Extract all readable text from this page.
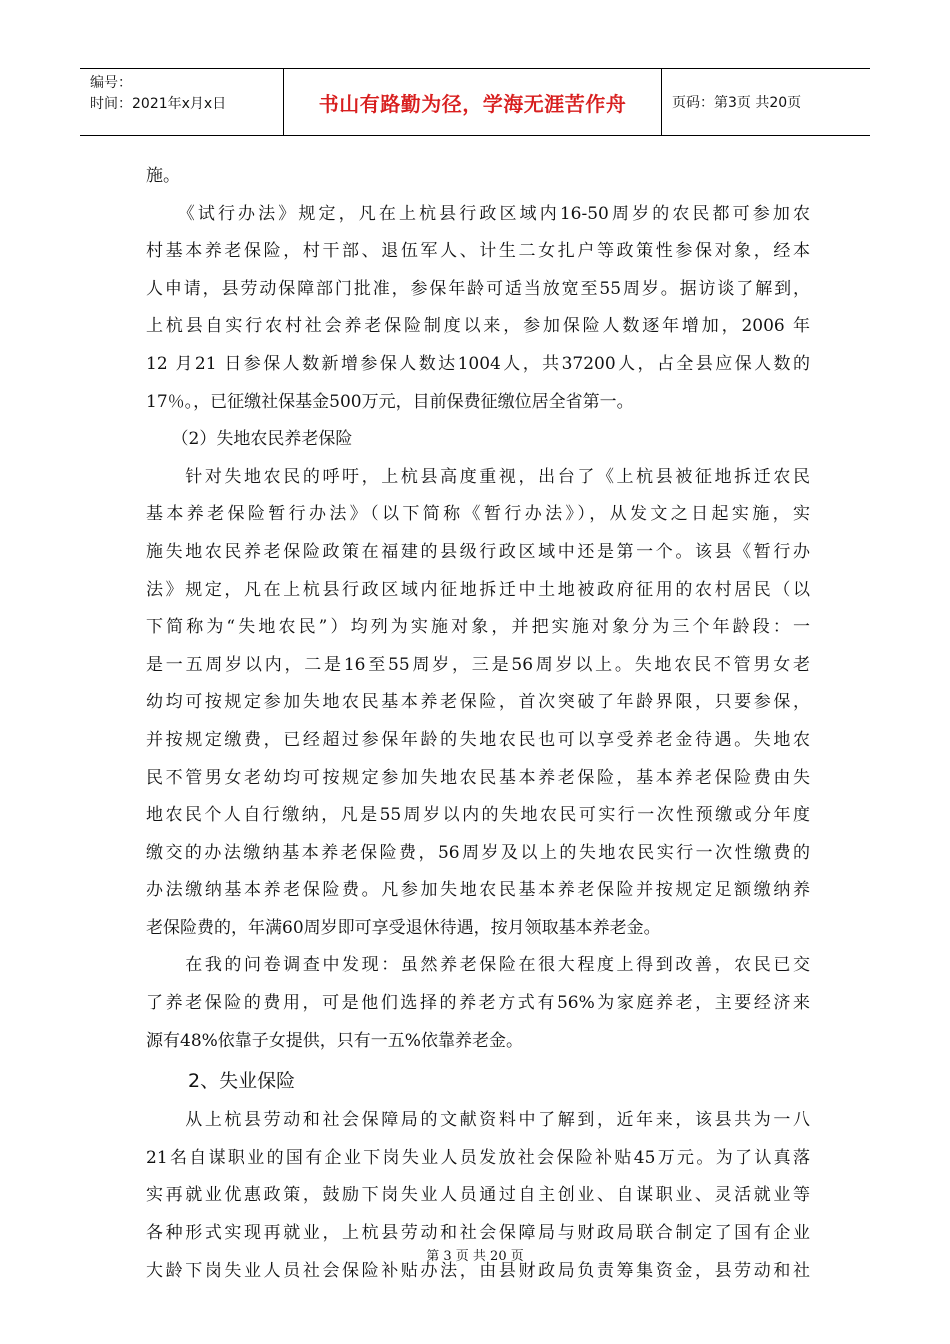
编号：
时间：2021年x月x日	书山有路勤为径，学海无涯苦作舟	页码：第3页 共20页
施。
　　《试行办法》规定，凡在上杭县行政区域内16-50周岁的农民都可参加农
村基本养老保险，村干部、退伍军人、计生二女扎户等政策性参保对象，经本
人申请，县劳动保障部门批准，参保年龄可适当放宽至55周岁。据访谈了解到，
上杭县自实行农村社会养老保险制度以来，参加保险人数逐年增加，2006 年
12 月21 日参保人数新增参保人数达1004人，共37200人，占全县应保人数的
17％。，已征缴社保基金500万元，目前保费征缴位居全省第一。
　　（2）失地农民养老保险
　　针对失地农民的呼吁，上杭县高度重视，出台了《上杭县被征地拆迁农民
基本养老保险暂行办法》（以下简称《暂行办法》），从发文之日起实施，实
施失地农民养老保险政策在福建的县级行政区域中还是第一个。该县《暂行办
法》规定，凡在上杭县行政区域内征地拆迁中土地被政府征用的农村居民（以
下简称为“失地农民”）均列为实施对象，并把实施对象分为三个年龄段：一
是一五周岁以内，二是16至55周岁，三是56周岁以上。失地农民不管男女老
幼均可按规定参加失地农民基本养老保险，首次突破了年龄界限，只要参保，
并按规定缴费，已经超过参保年龄的失地农民也可以享受养老金待遇。失地农
民不管男女老幼均可按规定参加失地农民基本养老保险，基本养老保险费由失
地农民个人自行缴纳，凡是55周岁以内的失地农民可实行一次性预缴或分年度
缴交的办法缴纳基本养老保险费，56周岁及以上的失地农民实行一次性缴费的
办法缴纳基本养老保险费。凡参加失地农民基本养老保险并按规定足额缴纳养
老保险费的，年满60周岁即可享受退休待遇，按月领取基本养老金。
　　在我的问卷调查中发现：虽然养老保险在很大程度上得到改善，农民已交
了养老保险的费用，可是他们选择的养老方式有56%为家庭养老，主要经济来
源有48%依靠子女提供，只有一五%依靠养老金。
2、失业保险
　　从上杭县劳动和社会保障局的文献资料中了解到，近年来，该县共为一八
21名自谋职业的国有企业下岗失业人员发放社会保险补贴45万元。为了认真落
实再就业优惠政策，鼓励下岗失业人员通过自主创业、自谋职业、灵活就业等
各种形式实现再就业，上杭县劳动和社会保障局与财政局联合制定了国有企业
大龄下岗失业人员社会保险补贴办法，由县财政局负责筹集资金，县劳动和社
第 3 页 共 20 页
